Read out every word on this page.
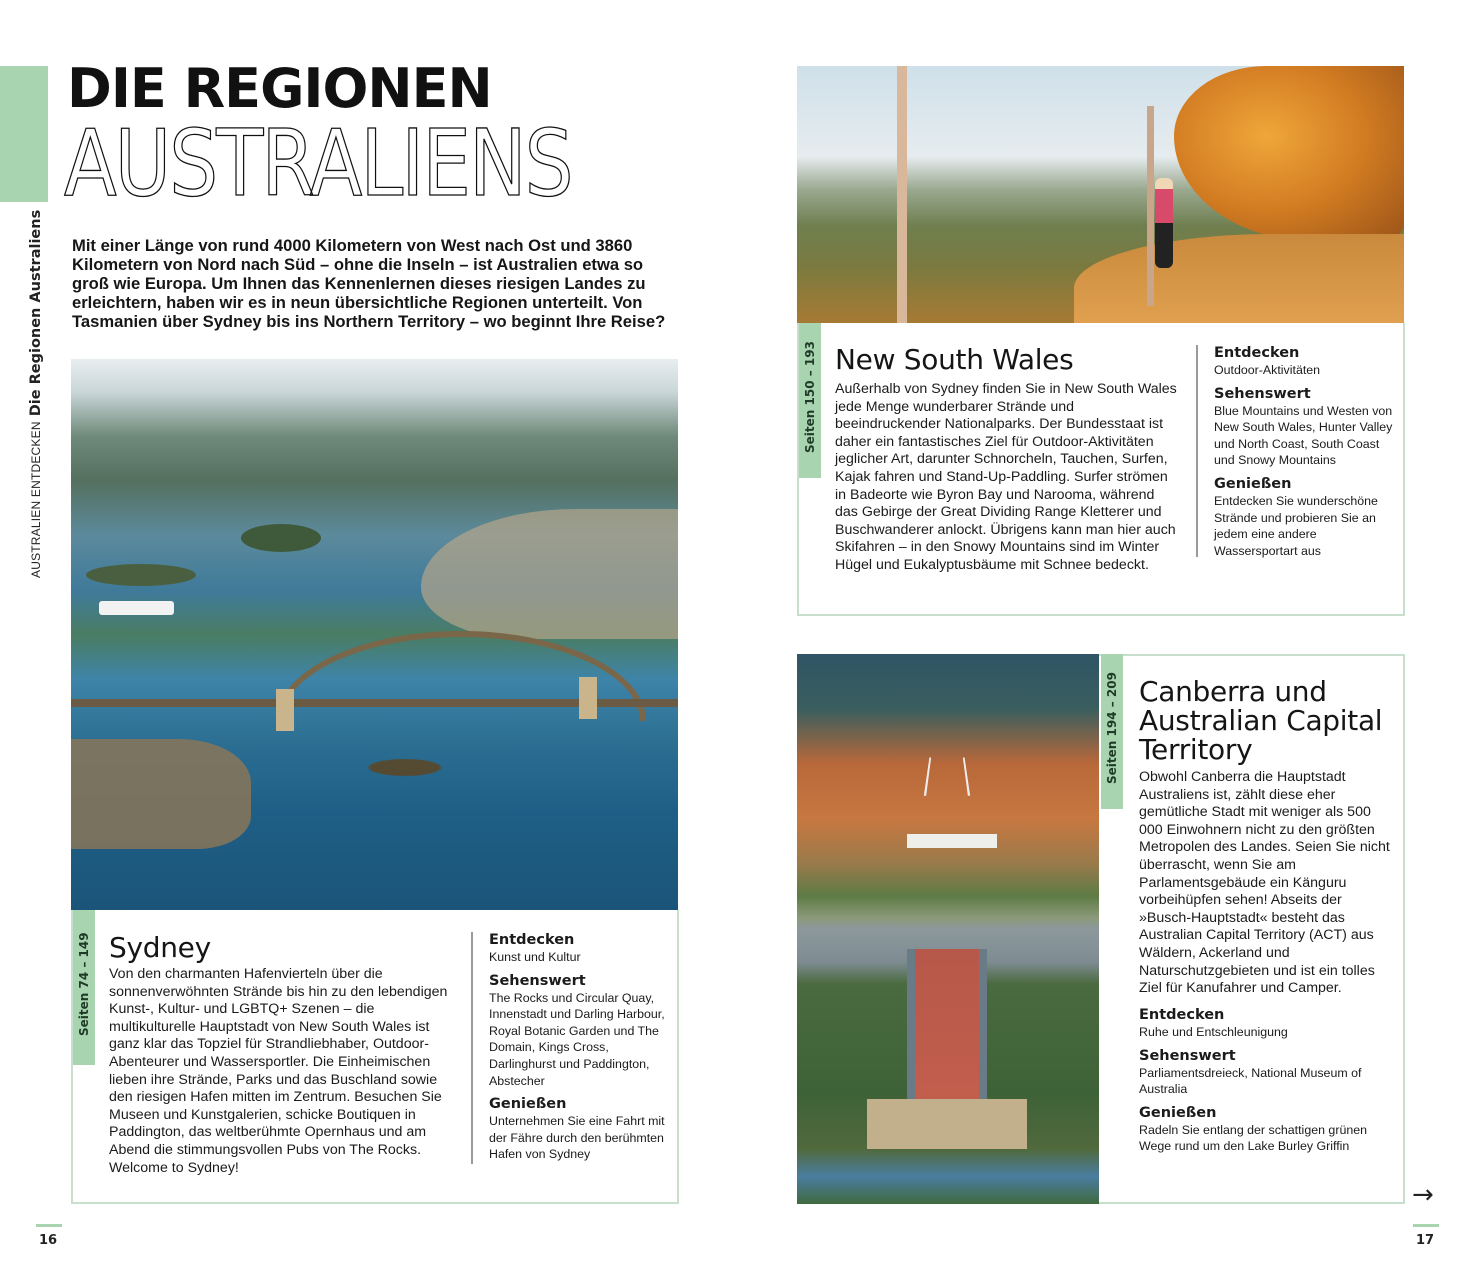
AUSTRALIEN ENTDECKENDie Regionen Australiens
DIE REGIONEN
AUSTRALIENS
Mit einer Länge von rund 4000 Kilometern von West nach Ost und 3860 Kilometern von Nord nach Süd – ohne die Inseln – ist Australien etwa so groß wie Europa. Um Ihnen das Kennenlernen dieses riesigen Landes zu erleichtern, haben wir es in neun übersichtliche Regionen unterteilt. Von Tasmanien über Sydney bis ins Northern Territory – wo beginnt Ihre Reise?
Seiten 74 – 149 Sydney
Von den charmanten Hafenvierteln über die sonnenverwöhnten Strände bis hin zu den lebendigen Kunst-, Kultur- und LGBTQ+ Szenen – die multikulturelle Hauptstadt von New South Wales ist ganz klar das Topziel für Strandliebhaber, Outdoor-Abenteurer und Wassersportler. Die Einheimischen lieben ihre Strände, Parks und das Buschland sowie den riesigen Hafen mitten im Zentrum. Besuchen Sie Museen und Kunstgalerien, schicke Boutiquen in Paddington, das weltberühmte Opernhaus und am Abend die stimmungsvollen Pubs von The Rocks. Welcome to Sydney!
Entdecken

Kunst und Kultur

Sehenswert

The Rocks und Circular Quay, Innenstadt und Darling Harbour, Royal Botanic Garden und The Domain, Kings Cross, Darlinghurst und Paddington, Abstecher

Genießen

Unternehmen Sie eine Fahrt mit der Fähre durch den berühmten Hafen von Sydney

16
Seiten 150 – 193 New South Wales
Außerhalb von Sydney finden Sie in New South Wales jede Menge wunderbarer Strände und beeindruckender Nationalparks. Der Bundesstaat ist daher ein fantastisches Ziel für Outdoor-Aktivitäten jeglicher Art, darunter Schnorcheln, Tauchen, Surfen, Kajak fahren und Stand-Up-Paddling. Surfer strömen in Badeorte wie Byron Bay und Narooma, während das Gebirge der Great Dividing Range Kletterer und Buschwanderer anlockt. Übrigens kann man hier auch Skifahren – in den Snowy Mountains sind im Winter Hügel und Eukalyptusbäume mit Schnee bedeckt.
Entdecken

Outdoor-Aktivitäten

Sehenswert

Blue Mountains und Westen von New South Wales, Hunter Valley und North Coast, South Coast und Snowy Mountains

Genießen

Entdecken Sie wunderschöne Strände und probieren Sie an jedem eine andere Wassersportart aus

Seiten 194 – 209 Canberra und Australian Capital Territory
Obwohl Canberra die Hauptstadt Australiens ist, zählt diese eher gemütliche Stadt mit weniger als 500 000 Einwohnern nicht zu den größten Metropolen des Landes. Seien Sie nicht überrascht, wenn Sie am Parlamentsgebäude ein Känguru vorbeihüpfen sehen! Abseits der »Busch-Hauptstadt« besteht das Australian Capital Territory (ACT) aus Wäldern, Ackerland und Naturschutzgebieten und ist ein tolles Ziel für Kanufahrer und Camper.
Entdecken

Ruhe und Entschleunigung

Sehenswert

Parliamentsdreieck, National Museum of Australia

Genießen

Radeln Sie entlang der schattigen grünen Wege rund um den Lake Burley Griffin

→
17
